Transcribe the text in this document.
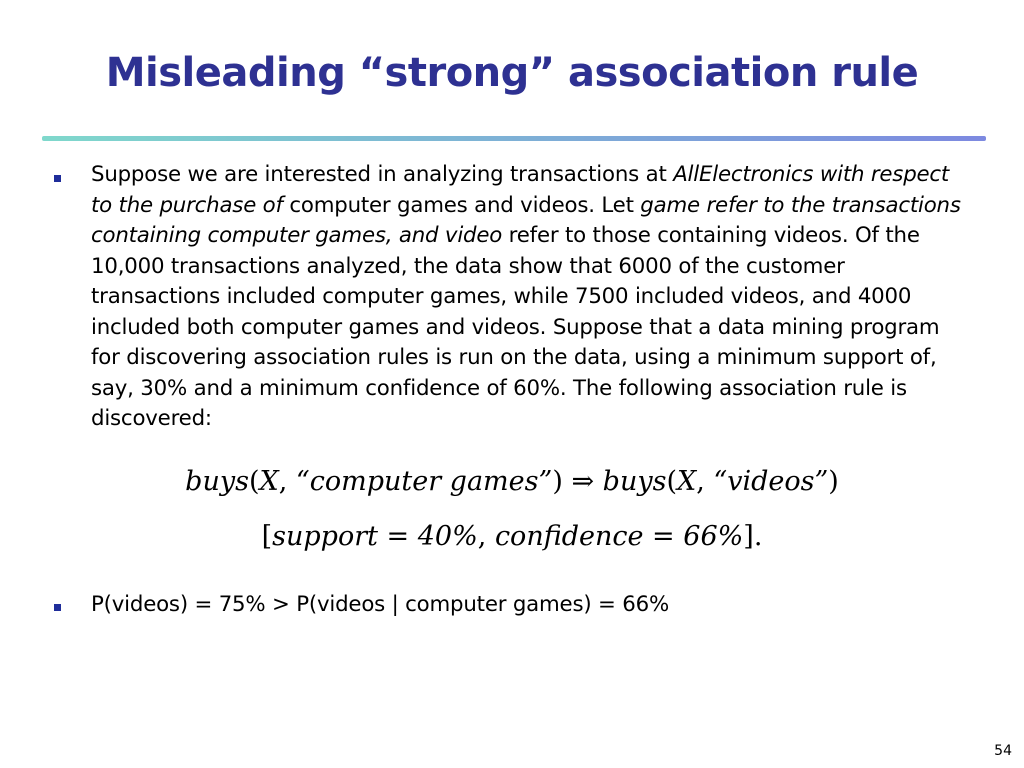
Misleading “strong” association rule

Suppose we are interested in analyzing transactions at AllElectronics with respect to the purchase of computer games and videos. Let game refer to the transactions containing computer games, and video refer to those containing videos. Of the 10,000 transactions analyzed, the data show that 6000 of the customer transactions included computer games, while 7500 included videos, and 4000 included both computer games and videos. Suppose that a data mining program for discovering association rules is run on the data, using a minimum support of, say, 30% and a minimum confidence of 60%. The following association rule is discovered:

buys(X, “computer games”) ⇒ buys(X, “videos”)
[support = 40%, confidence = 66%].

P(videos) = 75% > P(videos | computer games) = 66%

54
